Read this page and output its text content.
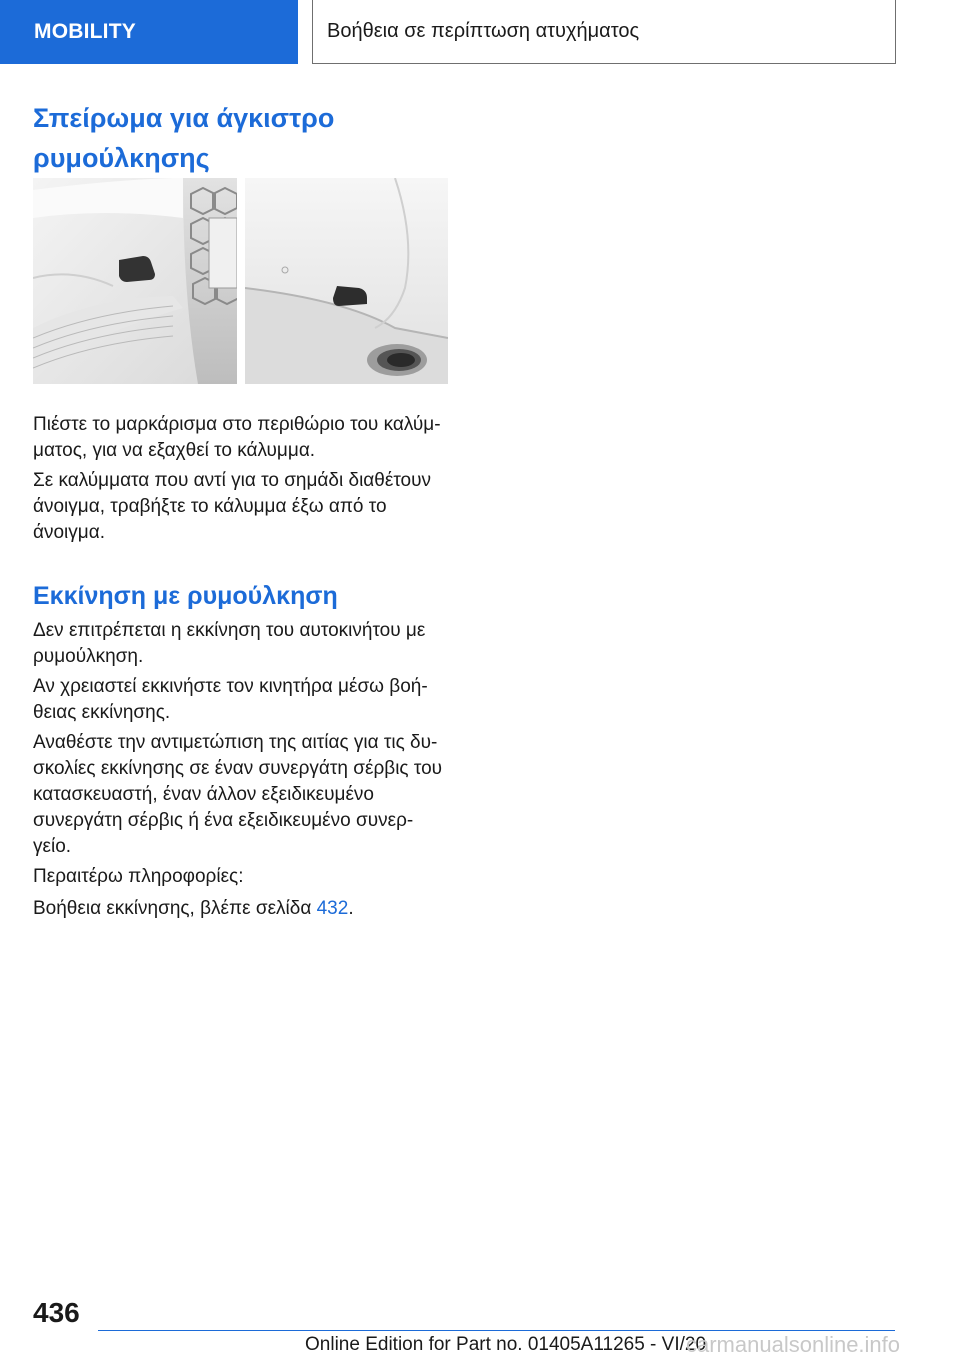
MOBILITY	Βοήθεια σε περίπτωση ατυχήματος
Σπείρωμα για άγκιστρο
ρυμούλκησης

Πιέστε το μαρκάρισμα στο περιθώριο του καλύμ-ματος, για να εξαχθεί το κάλυμμα.

Σε καλύμματα που αντί για το σημάδι διαθέτουν άνοιγμα, τραβήξτε το κάλυμμα έξω από το άνοιγμα.

Εκκίνηση με ρυμούλκηση

Δεν επιτρέπεται η εκκίνηση του αυτοκινήτου με ρυμούλκηση.

Αν χρειαστεί εκκινήστε τον κινητήρα μέσω βοή-θειας εκκίνησης.

Αναθέστε την αντιμετώπιση της αιτίας για τις δυ-σκολίες εκκίνησης σε έναν συνεργάτη σέρβις του κατασκευαστή, έναν άλλον εξειδικευμένο συνεργάτη σέρβις ή ένα εξειδικευμένο συνερ-γείο.

Περαιτέρω πληροφορίες:

Βοήθεια εκκίνησης, βλέπε σελίδα 432.

436
Online Edition for Part no. 01405A11265 - VI/20
carmanualsonline.info
